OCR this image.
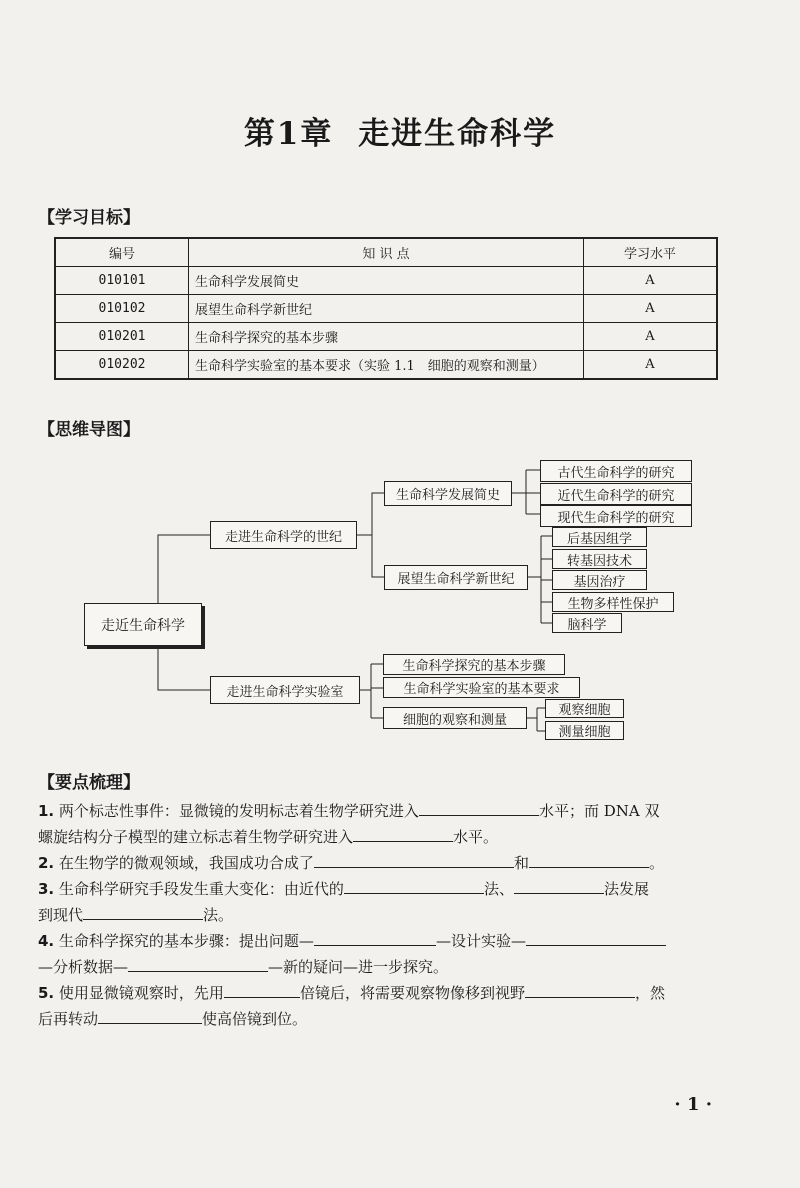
第1章 走进生命科学
【学习目标】
编号	知 识 点	学习水平
010101	生命科学发展简史	A
010102	展望生命科学新世纪	A
010201	生命科学探究的基本步骤	A
010202	生命科学实验室的基本要求（实验 1.1　细胞的观察和测量）	A
【思维导图】
走近生命科学
走进生命科学的世纪
生命科学发展简史
古代生命科学的研究
近代生命科学的研究
现代生命科学的研究
展望生命科学新世纪
后基因组学
转基因技术
基因治疗
生物多样性保护
脑科学
走进生命科学实验室
生命科学探究的基本步骤
生命科学实验室的基本要求
细胞的观察和测量
观察细胞
测量细胞
【要点梳理】
1. 两个标志性事件：显微镜的发明标志着生物学研究进入	水平；而 DNA 双
螺旋结构分子模型的建立标志着生物学研究进入	水平。
2. 在生物学的微观领域，我国成功合成了	和	。
3. 生命科学研究手段发生重大变化：由近代的	法、	法发展
到现代	法。
4. 生命科学探究的基本步骤：提出问题—	—设计实验—
—分析数据—	—新的疑问—进一步探究。
5. 使用显微镜观察时，先用	倍镜后，将需要观察物像移到视野	，然
后再转动	使高倍镜到位。
· 1 ·
